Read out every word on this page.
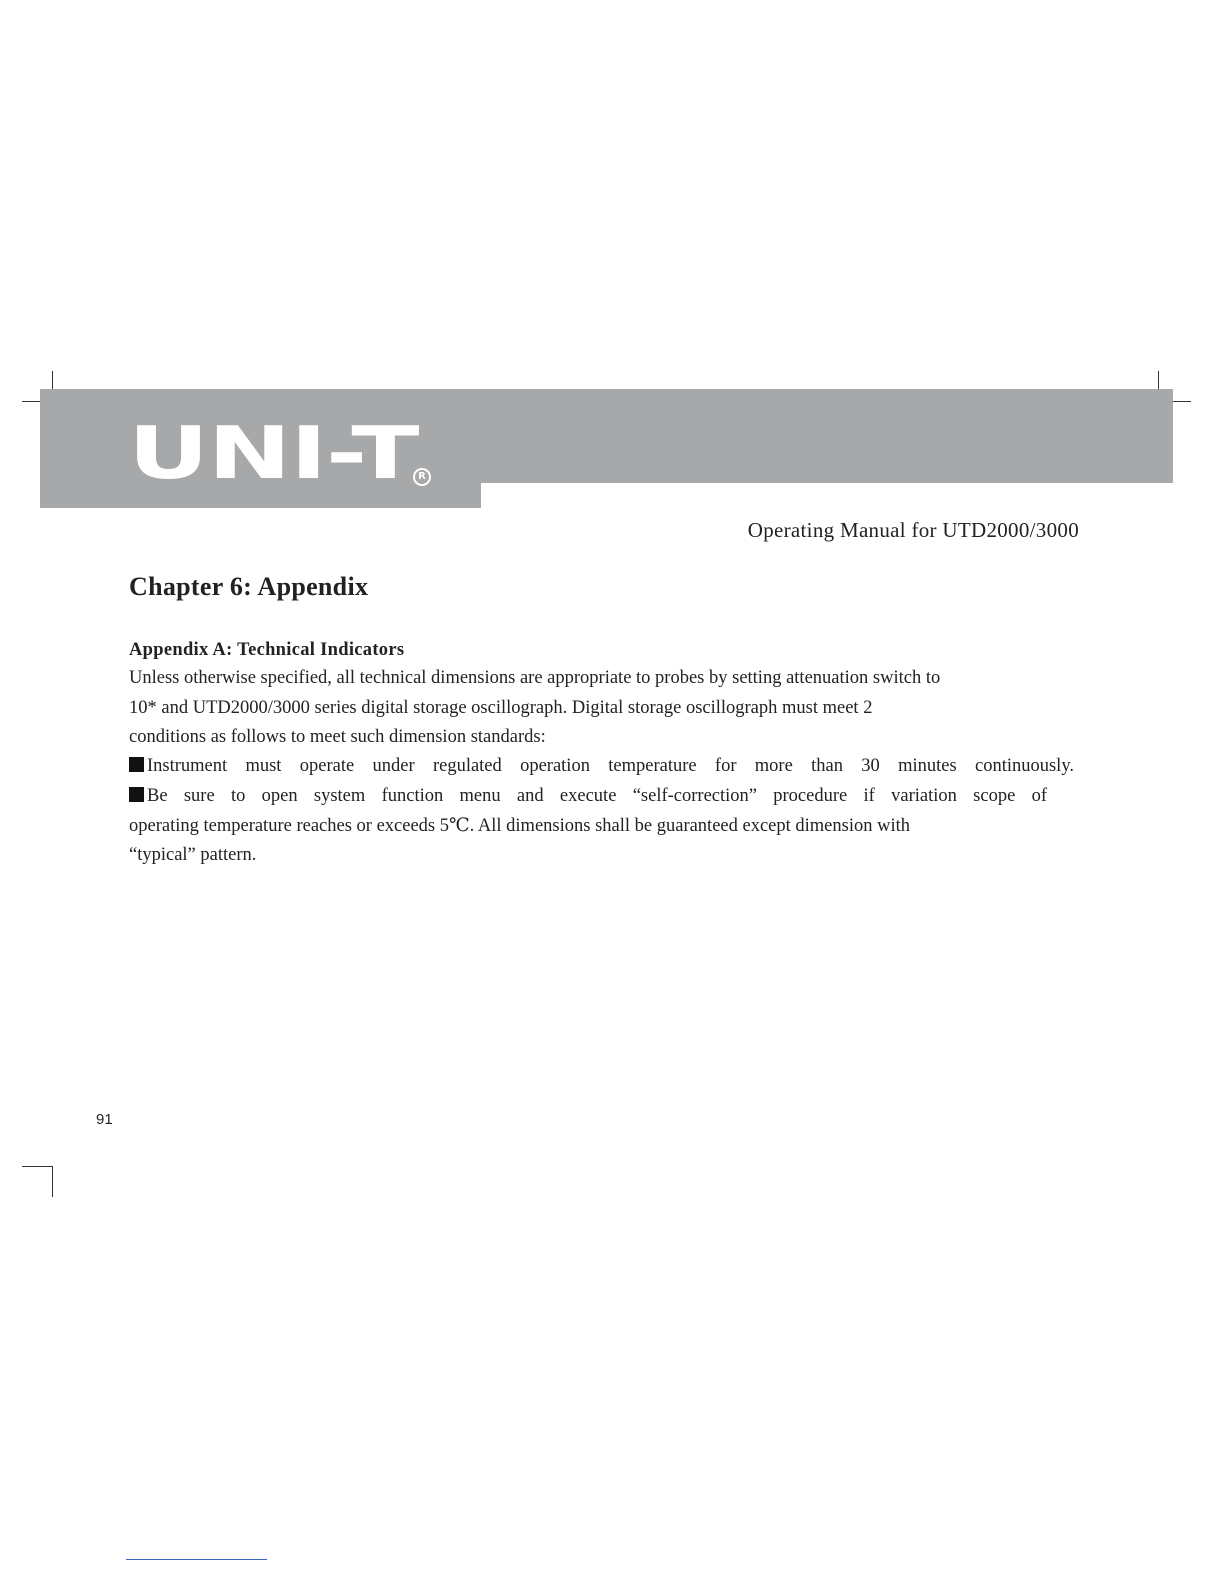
UNI-T R
Operating Manual for UTD2000/3000
Chapter 6: Appendix
Appendix A: Technical Indicators
Unless otherwise specified, all technical dimensions are appropriate to probes by setting attenuation switch to
10* and UTD2000/3000 series digital storage oscillograph. Digital storage oscillograph must meet 2
conditions as follows to meet such dimension standards:
Instrument must operate under regulated operation temperature for more than 30 minutes continuously.
Be sure to open system function menu and execute “self-correction” procedure if variation scope of
operating temperature reaches or exceeds 5℃. All dimensions shall be guaranteed except dimension with
“typical” pattern.
91
